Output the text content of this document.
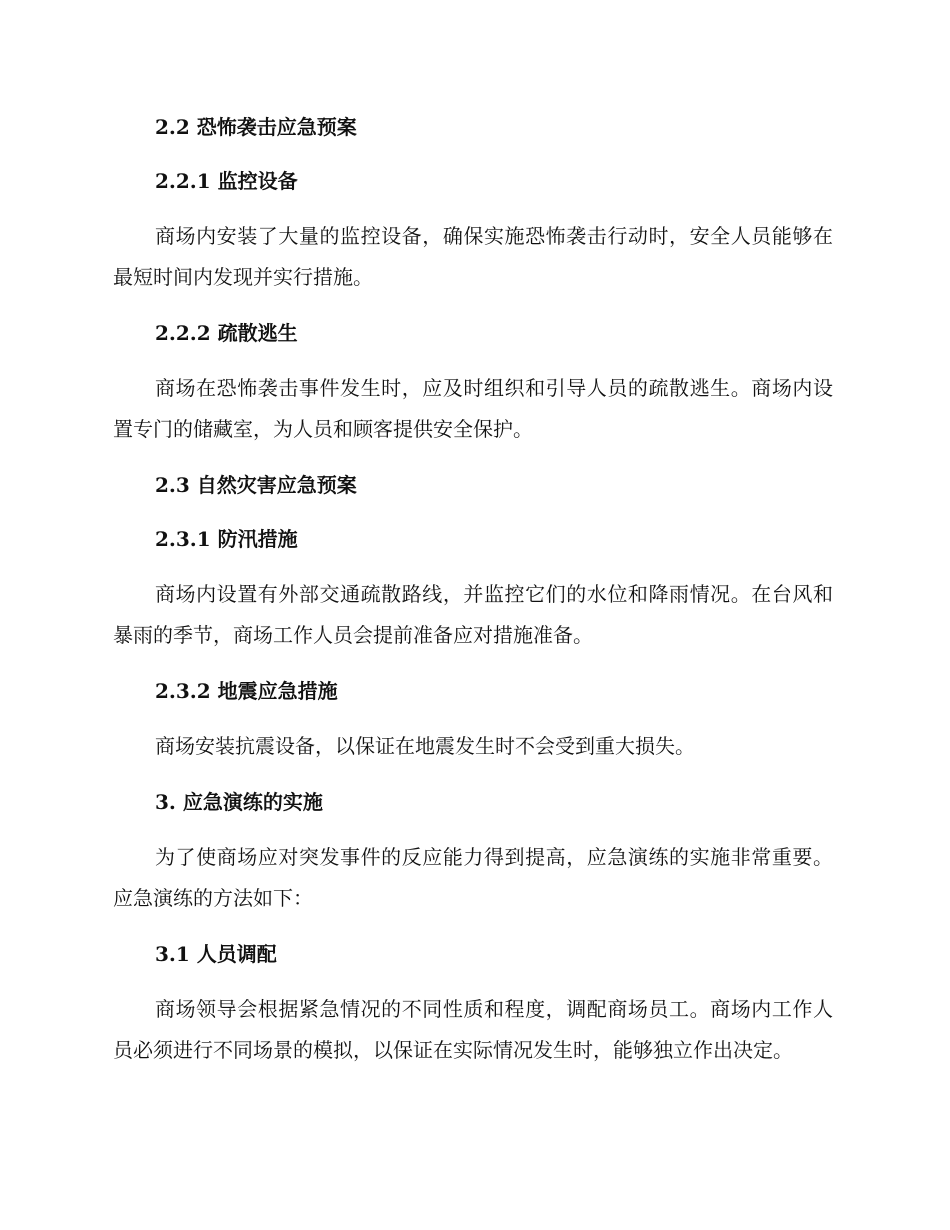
2.2 恐怖袭击应急预案
2.2.1 监控设备

商场内安装了大量的监控设备，确保实施恐怖袭击行动时，安全人员能够在最短时间内发现并实行措施。

2.2.2 疏散逃生

商场在恐怖袭击事件发生时，应及时组织和引导人员的疏散逃生。商场内设置专门的储藏室，为人员和顾客提供安全保护。

2.3 自然灾害应急预案
2.3.1 防汛措施

商场内设置有外部交通疏散路线，并监控它们的水位和降雨情况。在台风和暴雨的季节，商场工作人员会提前准备应对措施准备。

2.3.2 地震应急措施

商场安装抗震设备，以保证在地震发生时不会受到重大损失。

3. 应急演练的实施

为了使商场应对突发事件的反应能力得到提高，应急演练的实施非常重要。应急演练的方法如下：

3.1 人员调配

商场领导会根据紧急情况的不同性质和程度，调配商场员工。商场内工作人员必须进行不同场景的模拟，以保证在实际情况发生时，能够独立作出决定。
